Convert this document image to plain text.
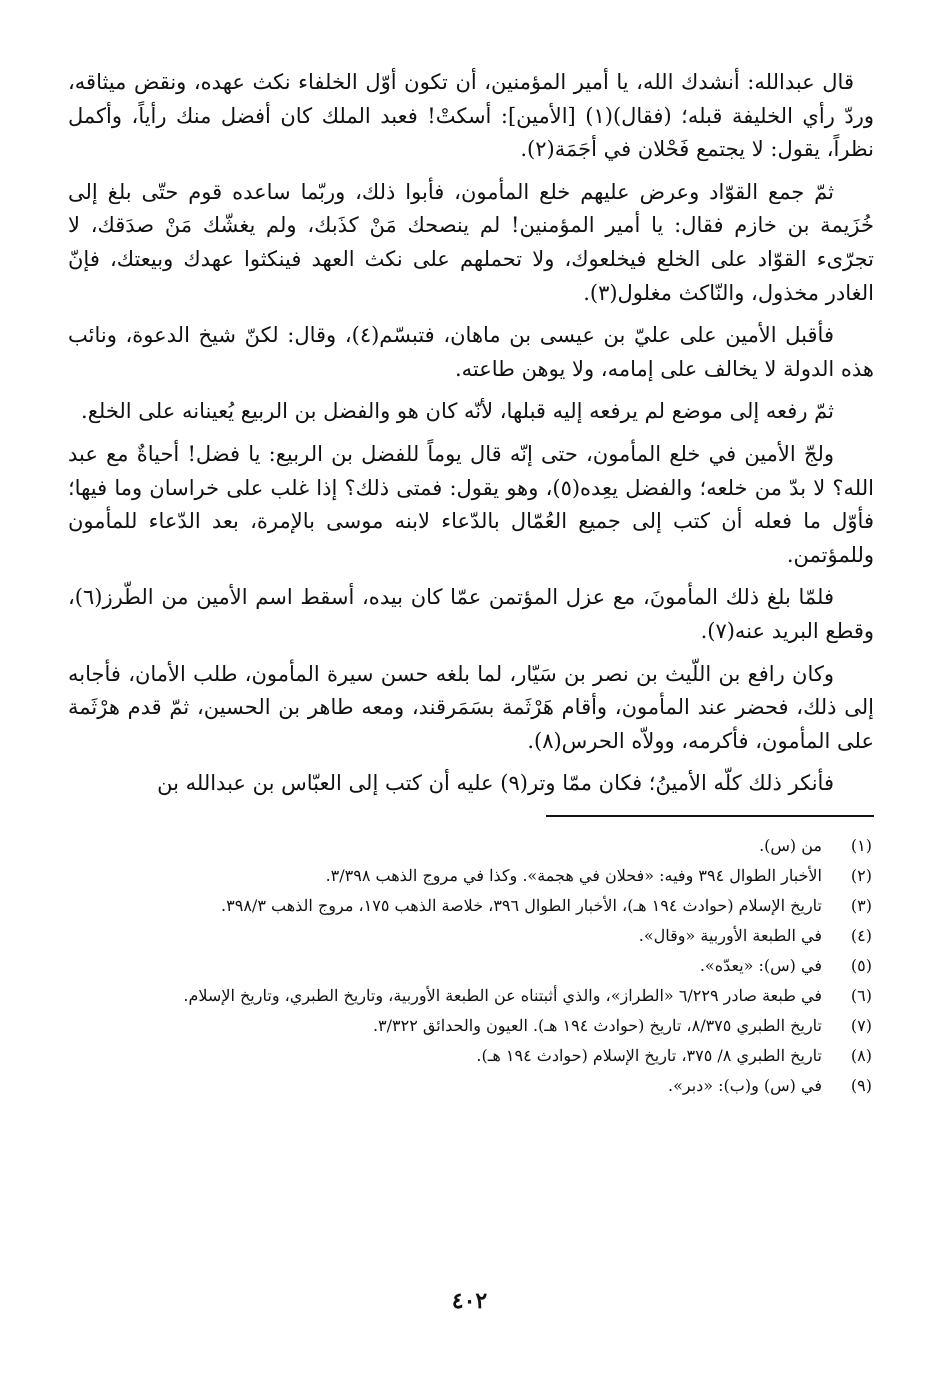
قال عبدالله: أنشدك الله، يا أمير المؤمنين، أن تكون أوّل الخلفاء نكث عهده، ونقض ميثاقه، وردّ رأي الخليفة قبله؛ (فقال)(١) [الأمين]: أسكتْ! فعبد الملك كان أفضل منك رأياً، وأكمل نظراً، يقول: لا يجتمع فَحْلان في أجَمَة(٢).

ثمّ جمع القوّاد وعرض عليهم خلع المأمون، فأبوا ذلك، وربّما ساعده قوم حتّى بلغ إلى خُزَيمة بن خازم فقال: يا أمير المؤمنين! لم ينصحك مَنْ كذَبك، ولم يغشّك مَنْ صدَقك، لا تجرّىء القوّاد على الخلع فيخلعوك، ولا تحملهم على نكث العهد فينكثوا عهدك وبيعتك، فإنّ الغادر مخذول، والنّاكث مغلول(٣).

فأقبل الأمين على عليّ بن عيسى بن ماهان، فتبسّم(٤)، وقال: لكنّ شيخ الدعوة، ونائب هذه الدولة لا يخالف على إمامه، ولا يوهن طاعته.

ثمّ رفعه إلى موضع لم يرفعه إليه قبلها، لأنّه كان هو والفضل بن الربيع يُعينانه على الخلع.

ولجّ الأمين في خلع المأمون، حتى إنّه قال يوماً للفضل بن الربيع: يا فضل! أحياةٌ مع عبد الله؟ لا بدّ من خلعه؛ والفضل يعِده(٥)، وهو يقول: فمتى ذلك؟ إذا غلب على خراسان وما فيها؛ فأوّل ما فعله أن كتب إلى جميع العُمّال بالدّعاء لابنه موسى بالإمرة، بعد الدّعاء للمأمون وللمؤتمن.

فلمّا بلغ ذلك المأمونَ، مع عزل المؤتمن عمّا كان بيده، أسقط اسم الأمين من الطّرز(٦)، وقطع البريد عنه(٧).

وكان رافع بن اللّيث بن نصر بن سَيّار، لما بلغه حسن سيرة المأمون، طلب الأمان، فأجابه إلى ذلك، فحضر عند المأمون، وأقام هَرْثَمة بسَمَرقند، ومعه طاهر بن الحسين، ثمّ قدم هرْثَمة على المأمون، فأكرمه، وولاّه الحرس(٨).

فأنكر ذلك كلّه الأمينُ؛ فكان ممّا وتر(٩) عليه أن كتب إلى العبّاس بن عبدالله بن

(١)
من (س).
(٢)
الأخبار الطوال ٣٩٤ وفيه: «فحلان في هجمة». وكذا في مروج الذهب ٣/٣٩٨.
(٣)
تاريخ الإسلام (حوادث ١٩٤ هـ)، الأخبار الطوال ٣٩٦، خلاصة الذهب ١٧٥، مروج الذهب ٣٩٨/٣.
(٤)
في الطبعة الأوربية «وقال».
(٥)
في (س): «يعدّه».
(٦)
في طبعة صادر ٦/٢٢٩ «الطراز»، والذي أثبتناه عن الطبعة الأوربية، وتاريخ الطبري، وتاريخ الإسلام.
(٧)
تاريخ الطبري ٨/٣٧٥، تاريخ (حوادث ١٩٤ هـ). العيون والحدائق ٣/٣٢٢.
(٨)
تاريخ الطبري ٨/ ٣٧٥، تاريخ الإسلام (حوادث ١٩٤ هـ).
(٩)
في (س) و(ب): «دبر».
٤٠٢
